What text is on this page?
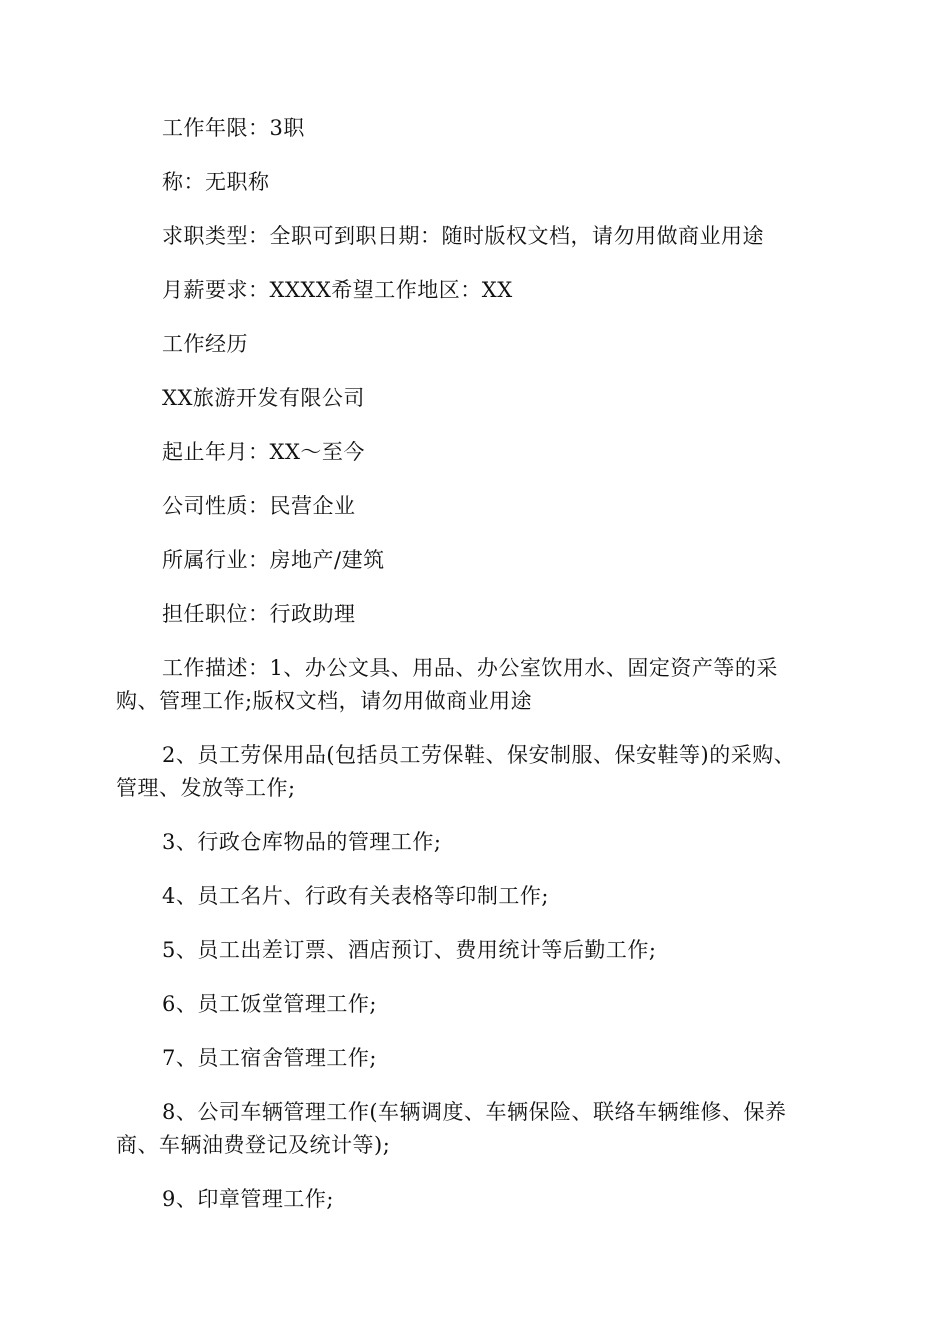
工作年限：3职

称：无职称

求职类型：全职可到职日期：随时版权文档，请勿用做商业用途

月薪要求：XXXX希望工作地区：XX

工作经历

XX旅游开发有限公司

起止年月：XX～至今

公司性质：民营企业

所属行业：房地产/建筑

担任职位：行政助理

工作描述：1、办公文具、用品、办公室饮用水、固定资产等的采购、管理工作;版权文档，请勿用做商业用途

2、员工劳保用品(包括员工劳保鞋、保安制服、保安鞋等)的采购、管理、发放等工作;

3、行政仓库物品的管理工作;

4、员工名片、行政有关表格等印制工作;

5、员工出差订票、酒店预订、费用统计等后勤工作;

6、员工饭堂管理工作;

7、员工宿舍管理工作;

8、公司车辆管理工作(车辆调度、车辆保险、联络车辆维修、保养商、车辆油费登记及统计等);

9、印章管理工作;
